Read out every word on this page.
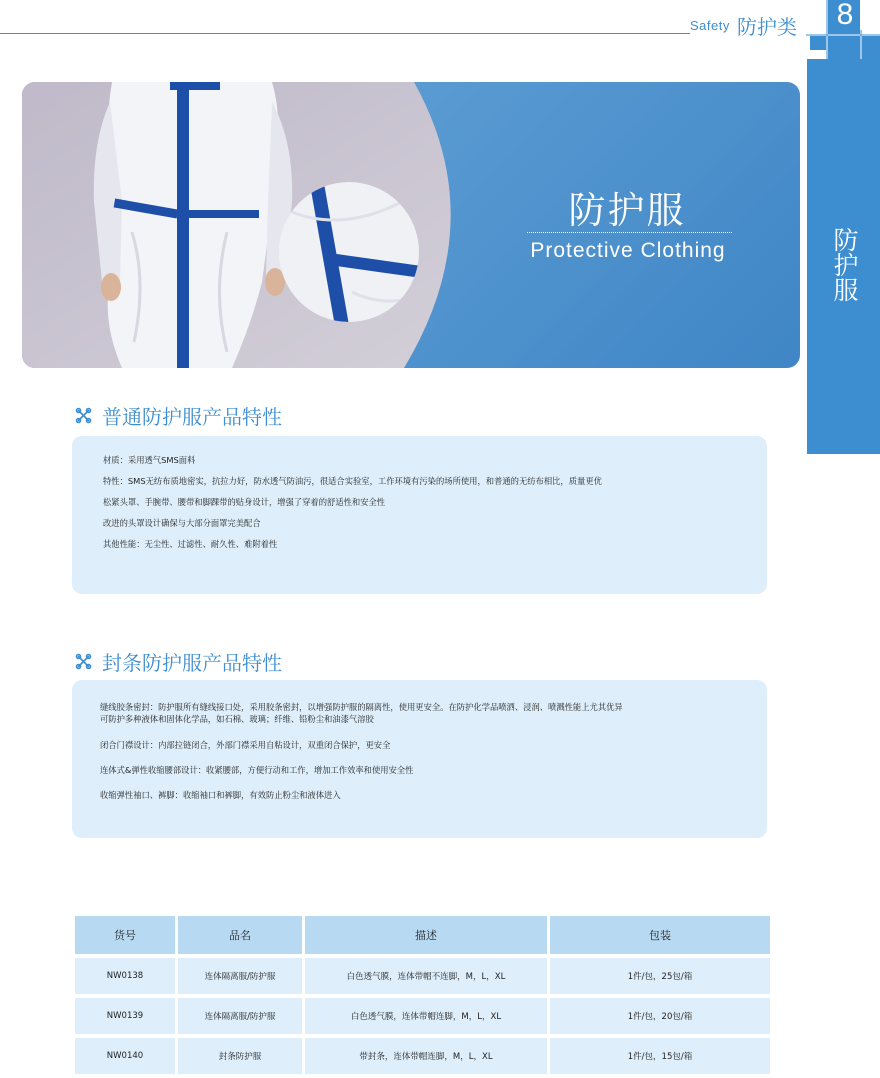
Safety 防护类 8
防护服
防护服
Protective Clothing
普通防护服产品特性

材质：采用透气SMS面料

特性：SMS无纺布质地密实，抗拉力好，防水透气防油污，很适合实验室，工作环境有污染的场所使用，和普通的无纺布相比，质量更优

松紧头罩、手腕带、腰带和脚踝带的贴身设计，增强了穿着的舒适性和安全性

改进的头罩设计确保与大部分面罩完美配合

其他性能：无尘性、过滤性、耐久性、难附着性

封条防护服产品特性

缝线胶条密封：防护服所有缝线接口处，采用胶条密封，以增强防护服的隔离性，使用更安全。在防护化学品喷洒、浸润、喷溅性能上尤其优异
可防护多种液体和固体化学品，如石棉、玻璃；纤维、铅粉尘和油漆气溶胶

闭合门襟设计：内部拉链闭合，外部门襟采用自粘设计，双重闭合保护，更安全

连体式&弹性收缩腰部设计：收紧腰部，方便行动和工作，增加工作效率和使用安全性

收缩弹性袖口、裤脚：收缩袖口和裤脚，有效防止粉尘和液体进入

货号	品名	描述	包装
NW0138	连体隔离服/防护服	白色透气膜，连体带帽不连脚，M，L，XL	1件/包，25包/箱
NW0139	连体隔离服/防护服	白色透气膜，连体带帽连脚，M，L，XL	1件/包，20包/箱
NW0140	封条防护服	带封条，连体带帽连脚，M，L，XL	1件/包，15包/箱
